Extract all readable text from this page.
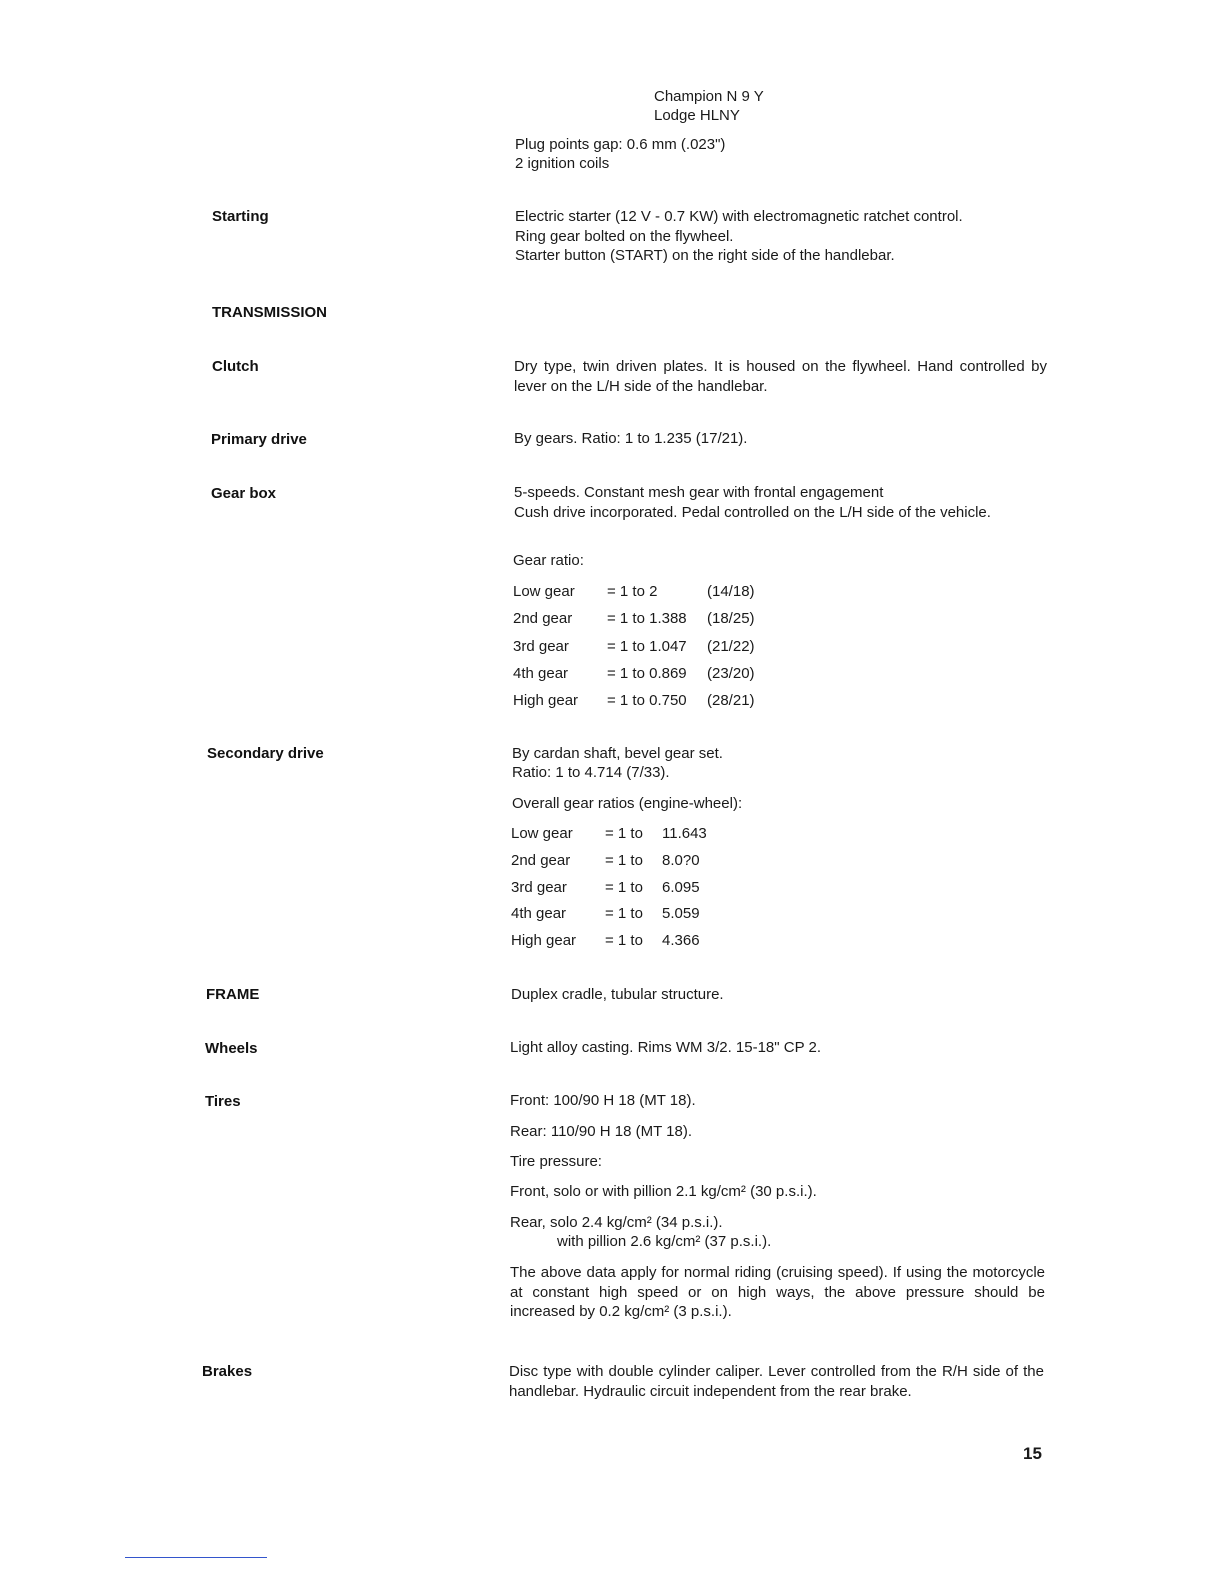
Champion N 9 Y
Lodge HLNY
Plug points gap: 0.6 mm (.023")
2 ignition coils
Starting	Electric starter (12 V - 0.7 KW) with electromagnetic ratchet control.
Ring gear bolted on the flywheel.
Starter button (START) on the right side of the handlebar.
TRANSMISSION
Clutch	Dry type, twin driven plates. It is housed on the flywheel. Hand controlled by lever on the L/H side of the handlebar.
Primary drive	By gears. Ratio: 1 to 1.235 (17/21).
Gear box	5-speeds. Constant mesh gear with frontal engagement
Cush drive incorporated. Pedal controlled on the L/H side of the vehicle.
Gear ratio:
Low gear = 1 to 2	(14/18)
2nd gear = 1 to 1.388 (18/25)
3rd gear	= 1 to 1.047 (21/22)
4th gear	= 1 to 0.869 (23/20)
High gear = 1 to 0.750 (28/21)
Secondary drive	By cardan shaft, bevel gear set.
Ratio: 1 to 4.714 (7/33).
Overall gear ratios (engine-wheel):
Low gear = 1 to 11.643
2nd gear = 1 to 8.0?0
3rd gear	= 1 to 6.095
4th gear	= 1 to 5.059
High gear = 1 to 4.366
FRAME	Duplex cradle, tubular structure.
Wheels	Light alloy casting. Rims WM 3/2. 15-18" CP 2.
Tires	Front: 100/90 H 18 (MT 18).
Rear: 110/90 H 18 (MT 18).
Tire pressure:
Front, solo or with pillion 2.1 kg/cm² (30 p.s.i.).
Rear, solo 2.4 kg/cm² (34 p.s.i.).
with pillion 2.6 kg/cm² (37 p.s.i.).
The above data apply for normal riding (cruising speed). If using the motorcycle at constant high speed or on high ways, the above pressure should be increased by 0.2 kg/cm² (3 p.s.i.).
Brakes	Disc type with double cylinder caliper. Lever controlled from the R/H side of the handlebar. Hydraulic circuit independent from the rear brake.
15
